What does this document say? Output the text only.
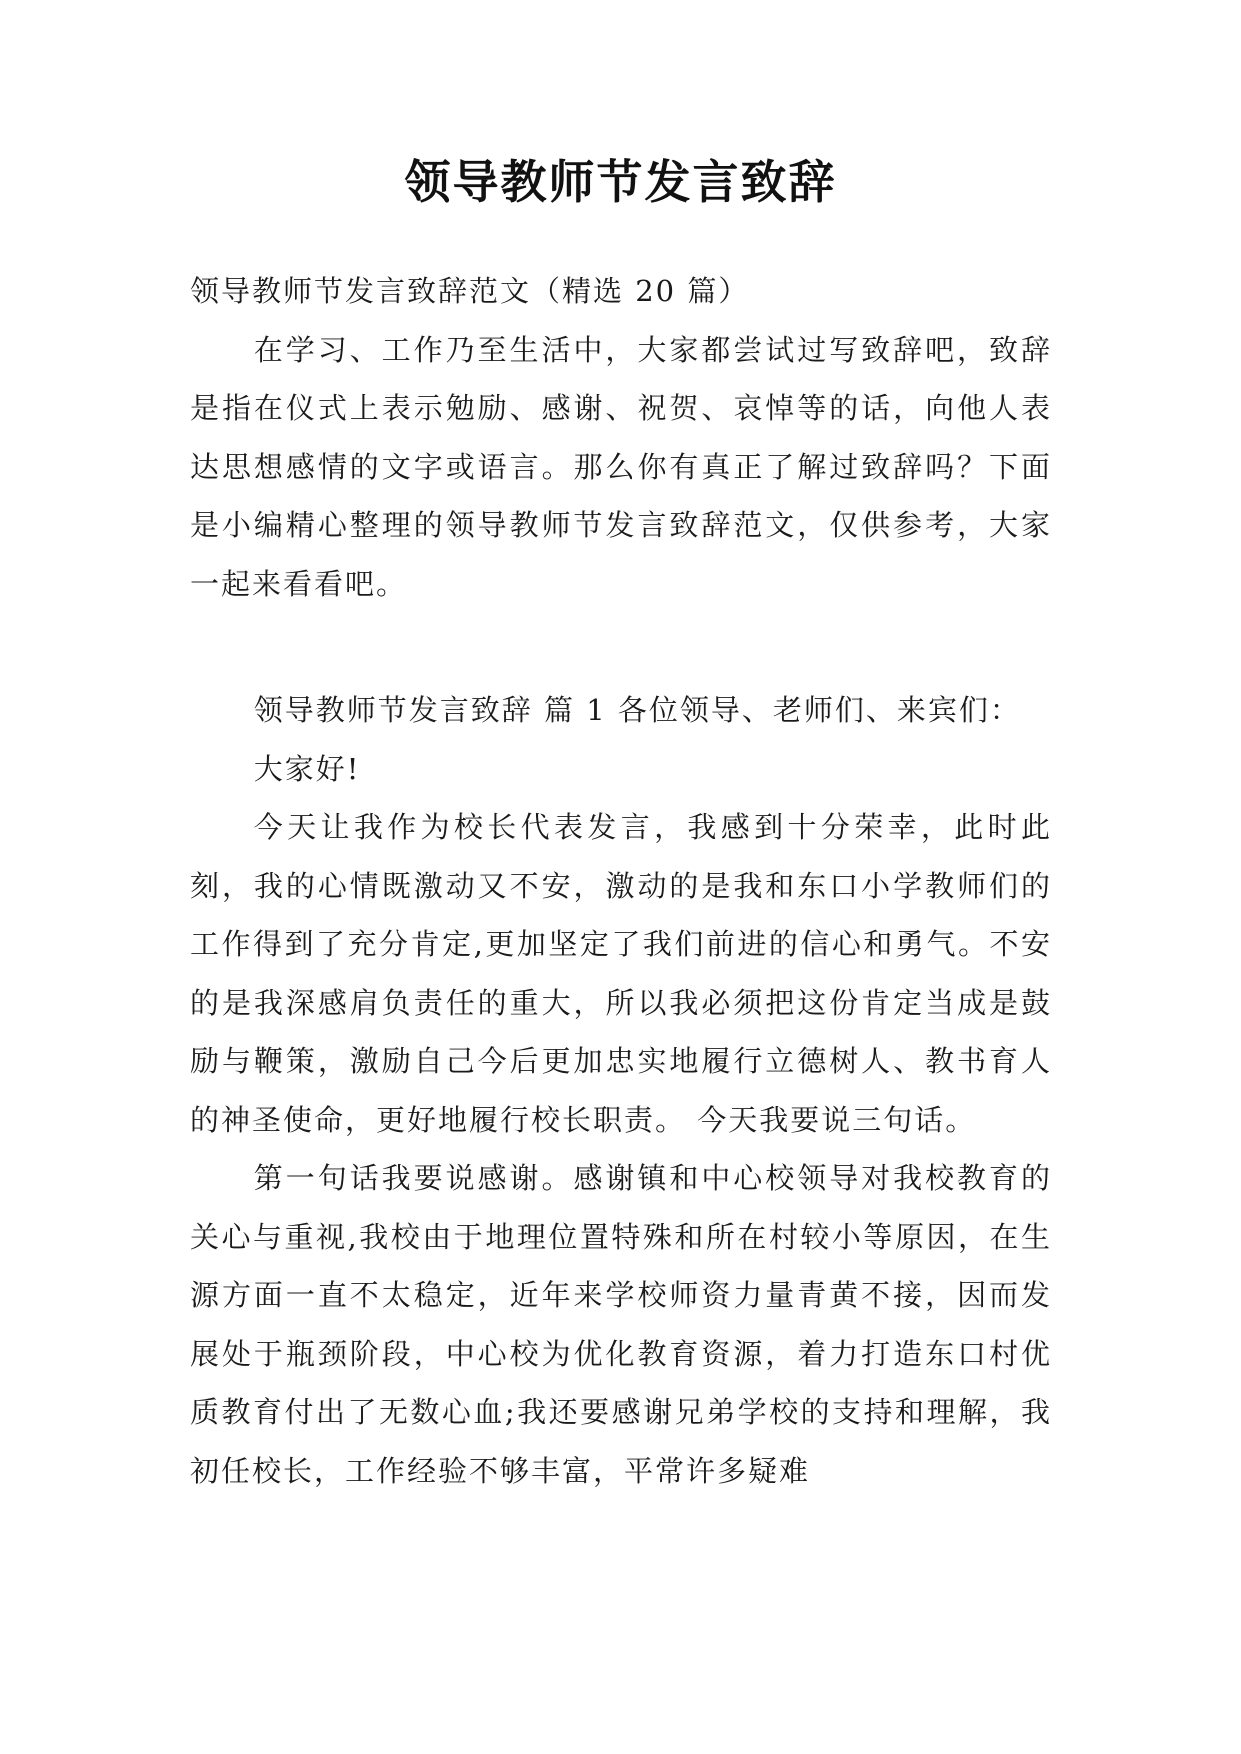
领导教师节发言致辞

领导教师节发言致辞范文（精选 20 篇）

在学习、工作乃至生活中，大家都尝试过写致辞吧，致辞是指在仪式上表示勉励、感谢、祝贺、哀悼等的话，向他人表达思想感情的文字或语言。那么你有真正了解过致辞吗？下面是小编精心整理的领导教师节发言致辞范文，仅供参考，大家一起来看看吧。

领导教师节发言致辞 篇 1 各位领导、老师们、来宾们：

大家好!

今天让我作为校长代表发言，我感到十分荣幸，此时此刻，我的心情既激动又不安，激动的是我和东口小学教师们的工作得到了充分肯定,更加坚定了我们前进的信心和勇气。不安的是我深感肩负责任的重大，所以我必须把这份肯定当成是鼓励与鞭策，激励自己今后更加忠实地履行立德树人、教书育人的神圣使命，更好地履行校长职责。 今天我要说三句话。

第一句话我要说感谢。感谢镇和中心校领导对我校教育的关心与重视,我校由于地理位置特殊和所在村较小等原因，在生源方面一直不太稳定，近年来学校师资力量青黄不接，因而发展处于瓶颈阶段，中心校为优化教育资源，着力打造东口村优质教育付出了无数心血;我还要感谢兄弟学校的支持和理解，我初任校长，工作经验不够丰富，平常许多疑难
